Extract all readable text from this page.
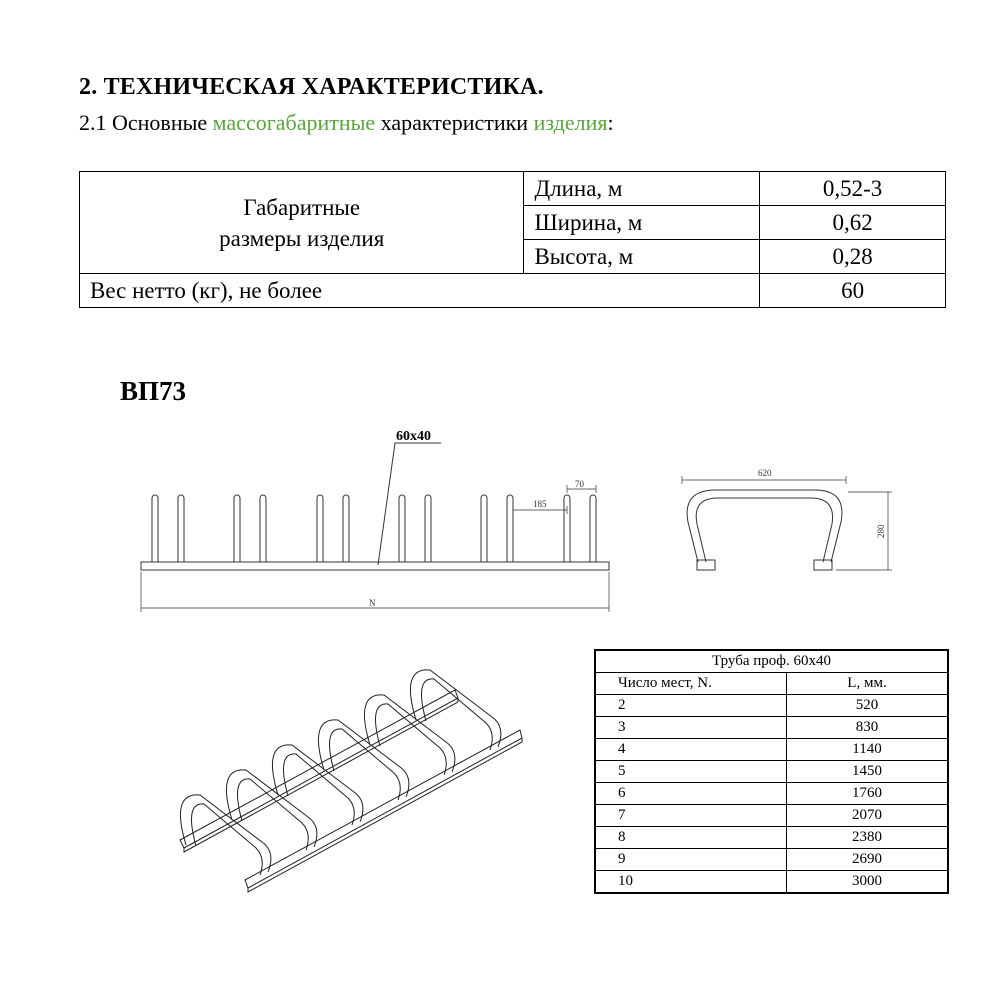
2. ТЕХНИЧЕСКАЯ ХАРАКТЕРИСТИКА.
2.1 Основные массогабаритные характеристики изделия:
Габаритные
размеры изделия	Длина, м	0,52-3
	Ширина, м	0,62
	Высота, м	0,28
Вес нетто (кг), не более		60
ВП73
60х40
70
185
N
620
280
Труба проф. 60х40	
Число мест, N.	L, мм.
2	520
3	830
4	1140
5	1450
6	1760
7	2070
8	2380
9	2690
10	3000
